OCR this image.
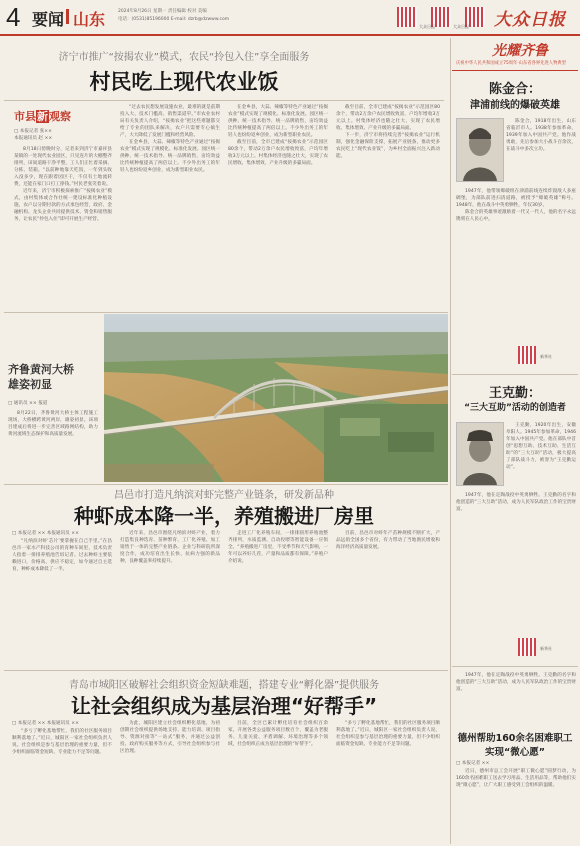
4 要闻 山东	2024年8月26日 星期一 责任编辑 校对 美编
电话：(0531)85196000 E-mail: dzrb@dzwww.com
大众日报	大众日报 大众日报
济宁市推广“按揭农业”模式，农民“拎包入住”享全面服务
村民吃上现代农业饭
市县新观察
□ 本报记者 张××
本报通讯员 赵 ××

8月18日傍晚时分，记者来到济宁市嘉祥县某镇的一处现代农业园区，只见连片的大棚整齐排列，田间道路干净平整，工人们正忙着采摘、分拣、装箱。“以前种地靠天吃饭，一年到头收入没多少，现在跟着园区干，不仅有土地流转费，还能在家门口打工挣钱。”村民老张笑着说。

近年来，济宁市积极探索推广“按揭农业”模式，由村集体或合作社统一建设标准化种植设施，农户以分期付款的方式承包经营，政府、金融机构、龙头企业共同提供技术、资金和销售服务，让农民“拎包入住”即可开展生产经营。

“过去农民想发展设施农业，最难的就是前期投入大、技术门槛高、销售渠道窄。”市农业农村局有关负责人介绍，“按揭农业”把这些难题都交给了专业的团队来解决，农户只需要专心搞生产，大大降低了发展门槛和经营风险。

在金乡县，大蒜、辣椒等特色产业通过“按揭农业”模式实现了规模化、标准化发展。园区统一供种、统一技术指导、统一品牌销售，亩均效益比传统种植提高了两倍以上。不少外出务工的年轻人也纷纷返乡创业，成为新型职业农民。

在金乡县，大蒜、辣椒等特色产业通过“按揭农业”模式实现了规模化、标准化发展。园区统一供种、统一技术指导、统一品牌销售，亩均效益比传统种植提高了两倍以上。不少外出务工的年轻人也纷纷返乡创业，成为新型职业农民。

截至目前，全市已建成“按揭农业”示范园区80余个，带动2万余户农民增收致富，户均年增收3万元以上。村集体经济也随之壮大，实现了农民增收、集体增效、产业升级的多赢局面。

截至目前，全市已建成“按揭农业”示范园区80余个，带动2万余户农民增收致富，户均年增收3万元以上。村集体经济也随之壮大，实现了农民增收、集体增效、产业升级的多赢局面。

下一步，济宁市将持续完善“按揭农业”运行机制，强化金融保险支撑，拓展产业链条，推动更多农民吃上“现代农业饭”，为乡村全面振兴注入新动能。

齐鲁黄河大桥
雄姿初显
□ 通讯员 ×× 报道

8月22日，齐鲁黄河大桥主体工程施工现场，大桥横跨黄河两岸，雄姿初显。该项目建成后将进一步完善区域路网结构，助力黄河流域生态保护和高质量发展。

昌邑市打造凡纳滨对虾完整产业链条，研发新品种
种虾成本降一半，养殖搬进厂房里
□ 本报记者 ×× 本报通讯员 ××

“凡纳滨对虾‘芯片’要掌握在自己手里。”在昌邑市一家水产科技公司的育种车间里，技术负责人指着一排排养殖池告诉记者。过去种虾主要依赖进口，价格高、供应不稳定，如今通过自主选育，种虾成本降低了一半。

近年来，昌邑市围绕凡纳滨对虾产业，着力打造集良种选育、苗种繁育、工厂化养殖、加工销售于一体的完整产业链条。企业与科研院所深度合作，成功培育出生长快、抗病力强的新品种，良种覆盖率持续提升。

走进工厂化养殖车间，一排排圆形养殖池整齐排列，水质监测、自动投喂等智能设备一应俱全。“养殖搬进厂房里，不受季节和天气影响，一年可以养好几茬，产量和品质都有保障。”养殖户介绍说。

目前，昌邑市对虾年产苗种规模不断扩大，产品远销全国多个省份，有力带动了当地渔民增收和海洋经济高质量发展。

青岛市城阳区破解社会组织资金短缺难题，搭建专业“孵化器”提供服务
让社会组织成为基层治理“好帮手”
□ 本报记者 ×× 本报通讯员 ××

“多亏了孵化基地帮忙，我们的社区服务项目顺利落地了。”近日，城阳区一家社会组织负责人说。社会组织是参与基层治理的重要力量，但不少组织面临资金短缺、专业能力不足等问题。

为此，城阳区建立社会组织孵化基地，为初创期社会组织提供场地支持、能力培训、项目指导、资源对接等“一站式”服务，并通过公益创投、政府购买服务等方式，引导社会组织参与社区治理。

目前，全区已累计孵化培育社会组织百余家，开展各类公益服务项目数百个，覆盖为老服务、儿童关爱、矛盾调解、环境治理等多个领域，社会组织正成为基层治理的“好帮手”。

“多亏了孵化基地帮忙，我们的社区服务项目顺利落地了。”近日，城阳区一家社会组织负责人说。社会组织是参与基层治理的重要力量，但不少组织面临资金短缺、专业能力不足等问题。

光耀齐鲁
庆祝中华人民共和国成立75周年·山东省各界先进人物典型
陈金合：
津浦前线的爆破英雄

陈金合，1918年出生，山东省临沂市人。1938年参加革命，1939年加入中国共产党。他作战勇敢，先后参加大小战斗百余次，在战斗中多次立功。

1947年，他带领爆破组在津浦前线连续炸毁敌人多座碉堡，为部队前进扫清道路，被授予“爆破英雄”称号。1948年，他在战斗中英勇牺牲，年仅30岁。

陈金合的英雄事迹激励着一代又一代人，他的名字永远镌刻在人民心中。

新华社
王克勤：
“三大互助”活动的创造者

王克勤，1920年出生，安徽阜阳人。1945年参加革命，1946年加入中国共产党。他在部队中首创“思想互助、技术互助、生活互助”的“三大互助”活动，极大提高了部队战斗力，被誉为“王克勤运动”。

1947年，他在定陶战役中英勇牺牲。王克勤的名字和他创造的“三大互助”活动，成为人民军队政治工作的宝贵财富。

新华社
德州帮助160余名困难职工
实现“微心愿”
□ 本报记者 ××

近日，德州市总工会开展“职工微心愿”圆梦行动，为160余名困难职工送去学习用品、生活用品等，帮助他们实现“微心愿”，让广大职工感受到工会组织的温暖。

1947年，他在定陶战役中英勇牺牲。王克勤的名字和他创造的“三大互助”活动，成为人民军队政治工作的宝贵财富。
